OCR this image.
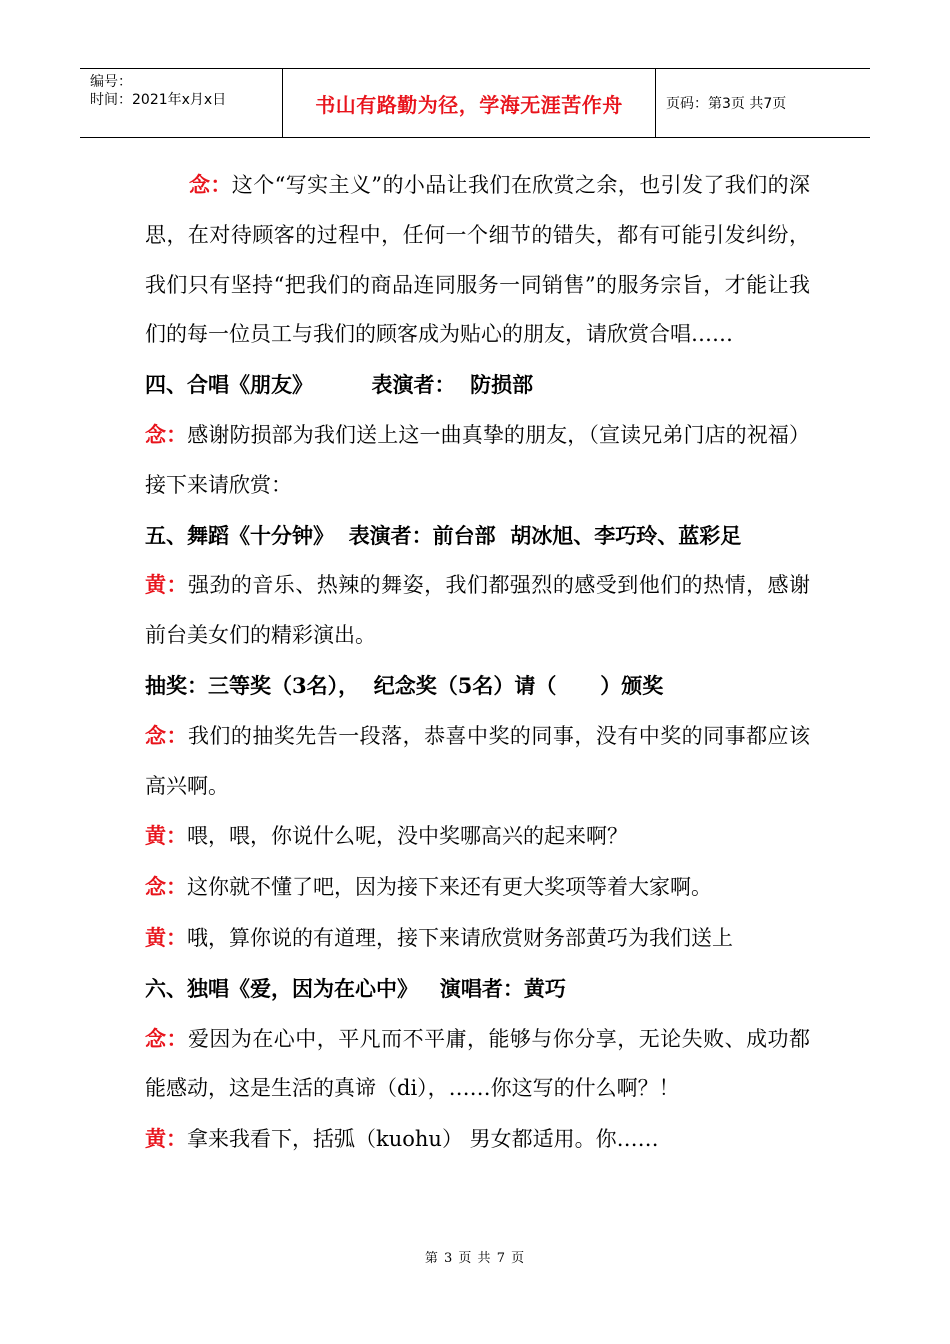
编号：
时间：2021年x月x日	书山有路勤为径，学海无涯苦作舟	页码：第3页 共7页

念：这个“写实主义”的小品让我们在欣赏之余，也引发了我们的深思，在对待顾客的过程中，任何一个细节的错失，都有可能引发纠纷，我们只有坚持“把我们的商品连同服务一同销售”的服务宗旨，才能让我们的每一位员工与我们的顾客成为贴心的朋友，请欣赏合唱……

四、合唱《朋友》        表演者：  防损部

念：感谢防损部为我们送上这一曲真挚的朋友，（宣读兄弟门店的祝福）接下来请欣赏：

五、舞蹈《十分钟》  表演者：前台部  胡冰旭、李巧玲、蓝彩足

黄：强劲的音乐、热辣的舞姿，我们都强烈的感受到他们的热情，感谢前台美女们的精彩演出。

抽奖：三等奖（3名），  纪念奖（5名）请（      ）颁奖

念：我们的抽奖先告一段落，恭喜中奖的同事，没有中奖的同事都应该高兴啊。

黄：喂，喂，你说什么呢，没中奖哪高兴的起来啊？

念：这你就不懂了吧，因为接下来还有更大奖项等着大家啊。

黄：哦，算你说的有道理，接下来请欣赏财务部黄巧为我们送上

六、独唱《爱，因为在心中》   演唱者：黄巧

念：爱因为在心中，平凡而不平庸，能够与你分享，无论失败、成功都能感动，这是生活的真谛（di），……你这写的什么啊？！

黄：拿来我看下，括弧（kuohu） 男女都适用。你……

第 3 页 共 7 页
